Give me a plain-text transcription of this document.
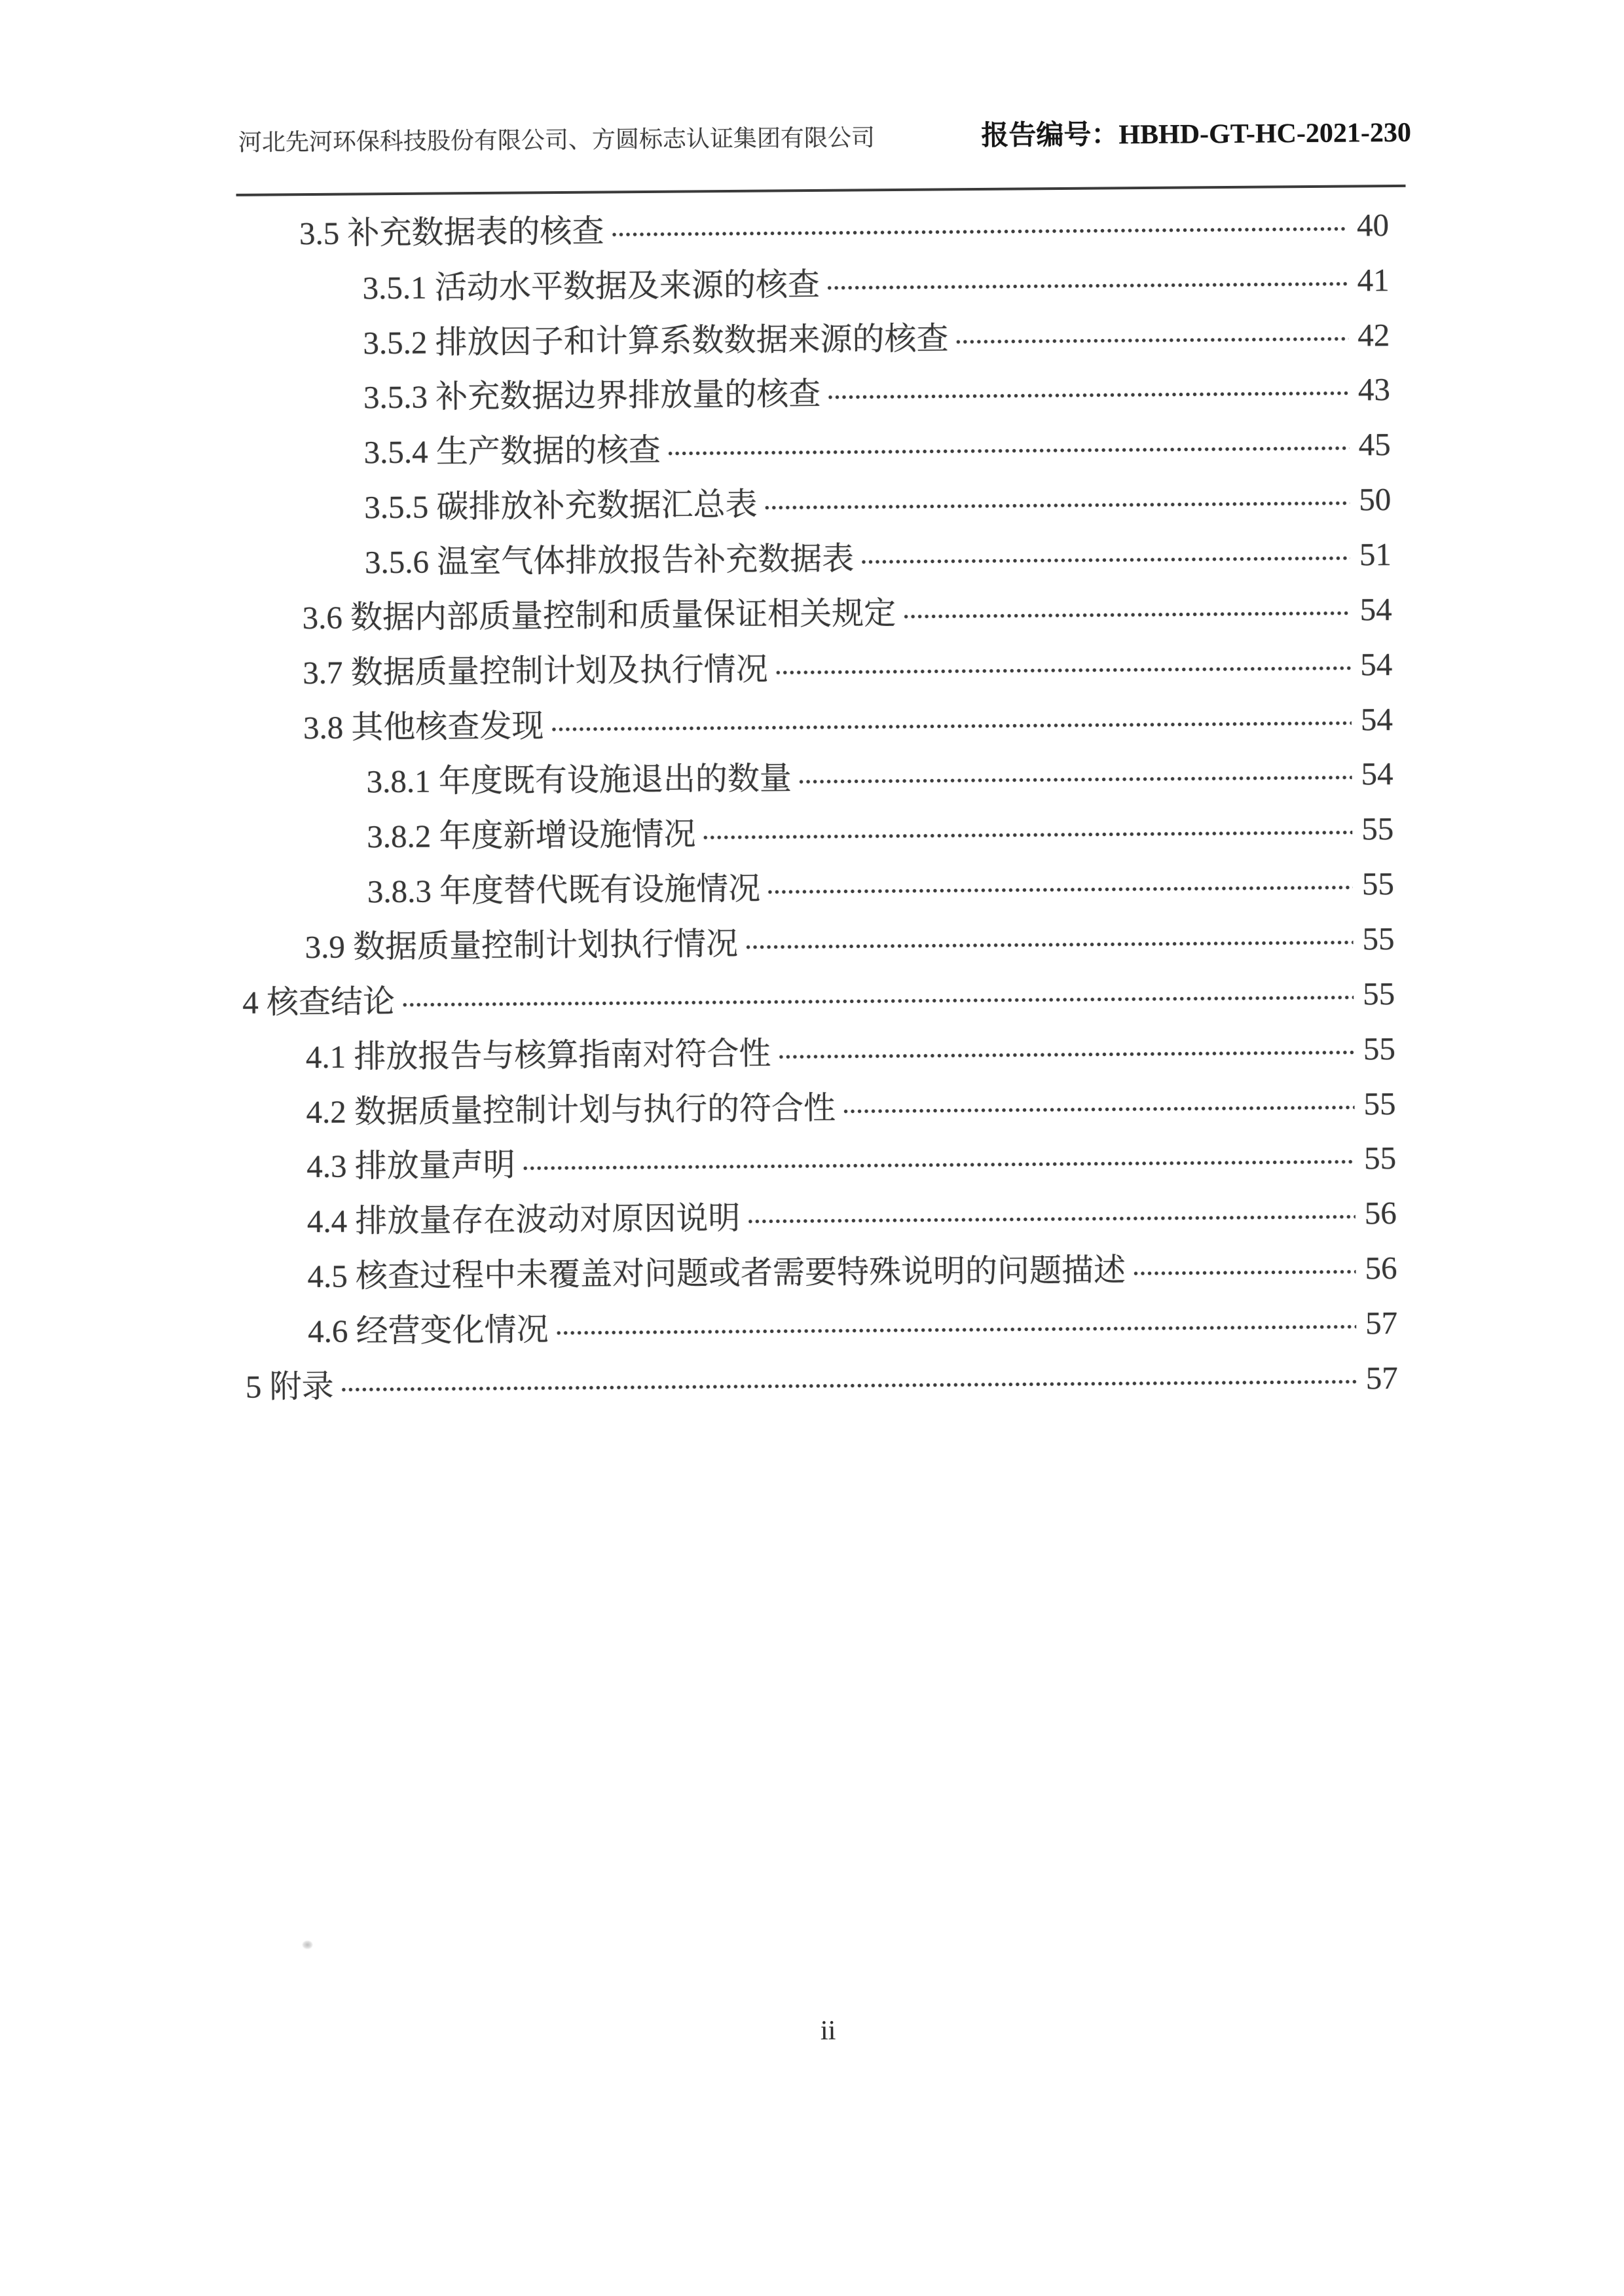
河北先河环保科技股份有限公司、方圆标志认证集团有限公司	报告编号：HBHD-GT-HC-2021-230
3.5 补充数据表的核查	40
3.5.1 活动水平数据及来源的核查	41
3.5.2 排放因子和计算系数数据来源的核查	42
3.5.3 补充数据边界排放量的核查	43
3.5.4 生产数据的核查	45
3.5.5 碳排放补充数据汇总表	50
3.5.6 温室气体排放报告补充数据表	51
3.6 数据内部质量控制和质量保证相关规定	54
3.7 数据质量控制计划及执行情况	54
3.8 其他核查发现	54
3.8.1 年度既有设施退出的数量	54
3.8.2 年度新增设施情况	55
3.8.3 年度替代既有设施情况	55
3.9 数据质量控制计划执行情况	55
4 核查结论	55
4.1 排放报告与核算指南对符合性	55
4.2 数据质量控制计划与执行的符合性	55
4.3 排放量声明	55
4.4 排放量存在波动对原因说明	56
4.5 核查过程中未覆盖对问题或者需要特殊说明的问题描述	56
4.6 经营变化情况	57
5 附录	57
ii
